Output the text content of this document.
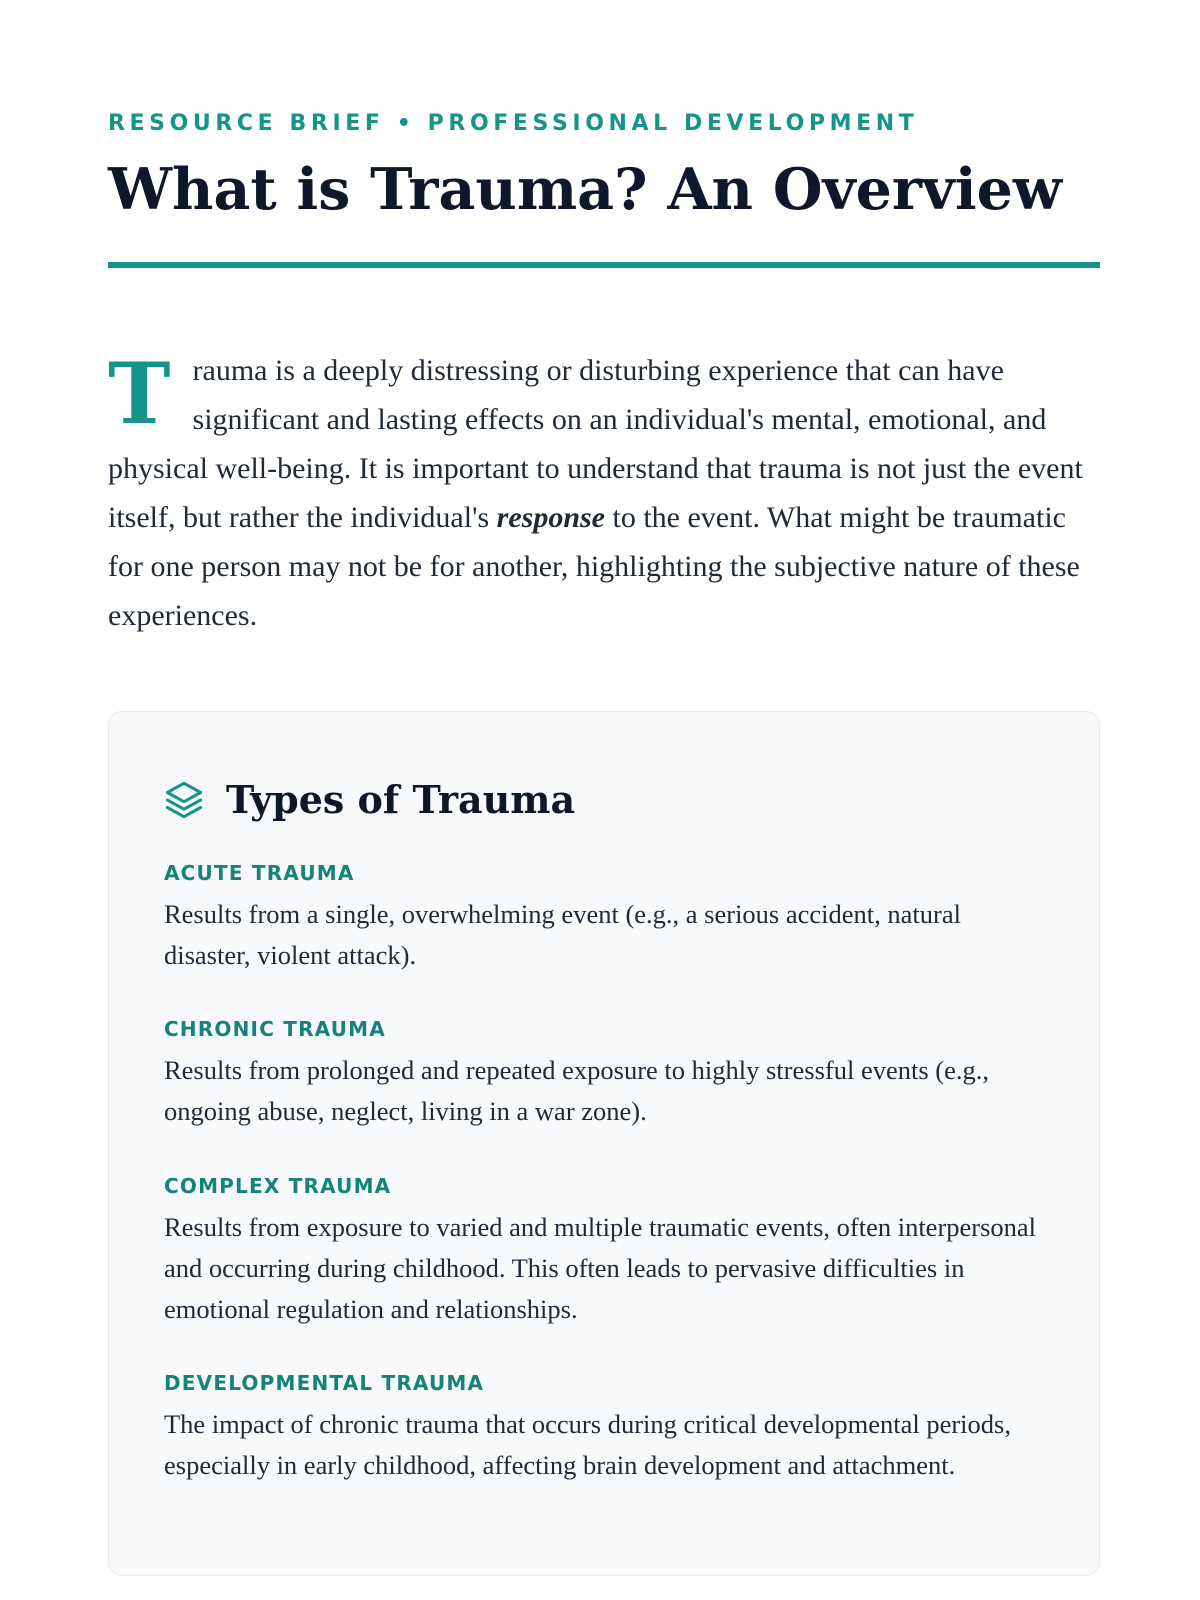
RESOURCE BRIEF • PROFESSIONAL DEVELOPMENT
What is Trauma? An Overview

Trauma is a deeply distressing or disturbing experience that can have significant and lasting effects on an individual's mental, emotional, and physical well-being. It is important to understand that trauma is not just the event itself, but rather the individual's response to the event. What might be traumatic for one person may not be for another, highlighting the subjective nature of these experiences.

Types of Trauma
ACUTE TRAUMA
Results from a single, overwhelming event (e.g., a serious accident, natural disaster, violent attack).
CHRONIC TRAUMA
Results from prolonged and repeated exposure to highly stressful events (e.g., ongoing abuse, neglect, living in a war zone).
COMPLEX TRAUMA
Results from exposure to varied and multiple traumatic events, often interpersonal and occurring during childhood. This often leads to pervasive difficulties in emotional regulation and relationships.
DEVELOPMENTAL TRAUMA
The impact of chronic trauma that occurs during critical developmental periods, especially in early childhood, affecting brain development and attachment.
